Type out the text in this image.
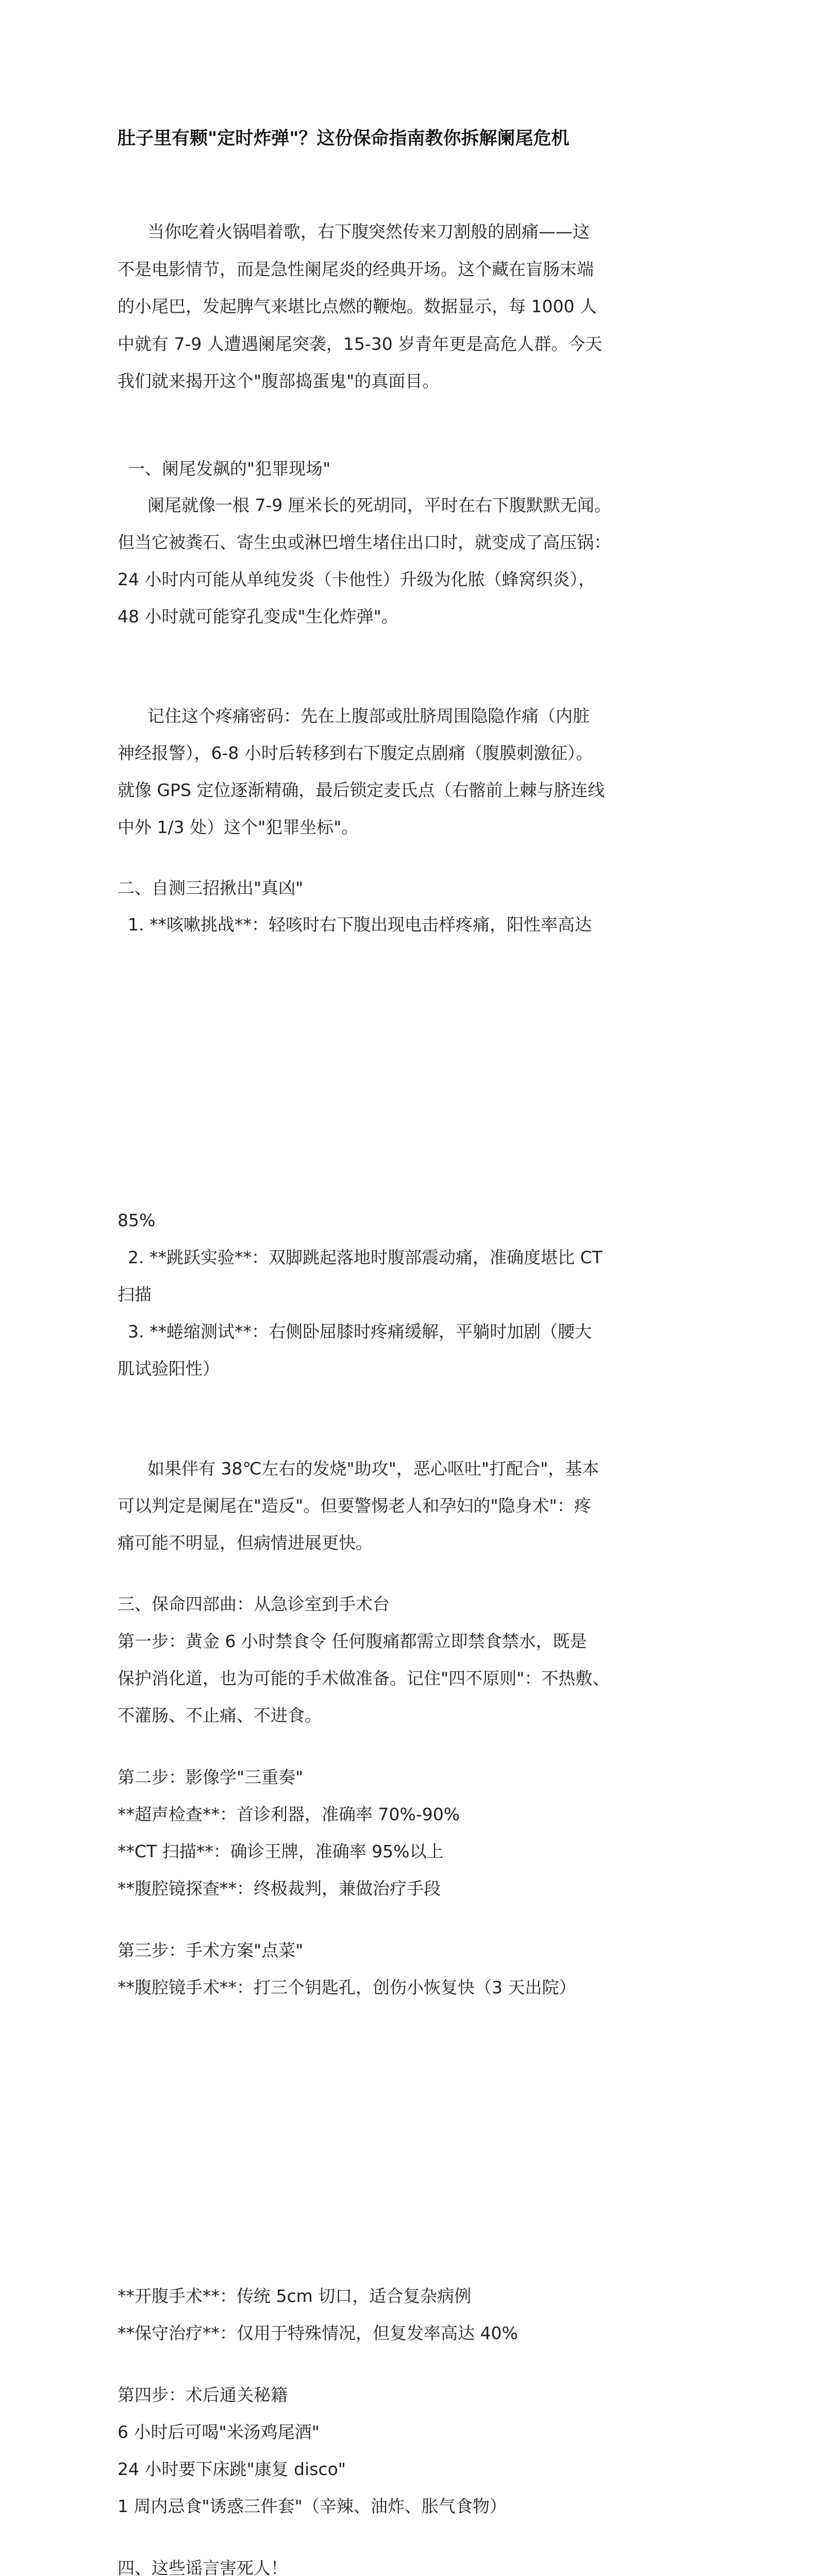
肚子里有颗"定时炸弹"？这份保命指南教你拆解阑尾危机

当你吃着火锅唱着歌，右下腹突然传来刀割般的剧痛——这

不是电影情节，而是急性阑尾炎的经典开场。这个藏在盲肠末端

的小尾巴，发起脾气来堪比点燃的鞭炮。数据显示，每 1000 人

中就有 7-9 人遭遇阑尾突袭，15-30 岁青年更是高危人群。今天

我们就来揭开这个"腹部捣蛋鬼"的真面目。

一、阑尾发飙的"犯罪现场"

阑尾就像一根 7-9 厘米长的死胡同，平时在右下腹默默无闻。

但当它被粪石、寄生虫或淋巴增生堵住出口时，就变成了高压锅：

24 小时内可能从单纯发炎（卡他性）升级为化脓（蜂窝织炎），

48 小时就可能穿孔变成"生化炸弹"。

记住这个疼痛密码：先在上腹部或肚脐周围隐隐作痛（内脏

神经报警），6-8 小时后转移到右下腹定点剧痛（腹膜刺激征）。

就像 GPS 定位逐渐精确，最后锁定麦氏点（右髂前上棘与脐连线

中外 1/3 处）这个"犯罪坐标"。

二、自测三招揪出"真凶"

1. **咳嗽挑战**：轻咳时右下腹出现电击样疼痛，阳性率高达

85%

2. **跳跃实验**：双脚跳起落地时腹部震动痛，准确度堪比 CT

扫描

3. **蜷缩测试**：右侧卧屈膝时疼痛缓解，平躺时加剧（腰大

肌试验阳性）

如果伴有 38℃左右的发烧"助攻"，恶心呕吐"打配合"，基本

可以判定是阑尾在"造反"。但要警惕老人和孕妇的"隐身术"：疼

痛可能不明显，但病情进展更快。

三、保命四部曲：从急诊室到手术台

第一步：黄金 6 小时禁食令 任何腹痛都需立即禁食禁水，既是

保护消化道，也为可能的手术做准备。记住"四不原则"：不热敷、

不灌肠、不止痛、不进食。

第二步：影像学"三重奏"

**超声检查**：首诊利器，准确率 70%-90%

**CT 扫描**：确诊王牌，准确率 95%以上

**腹腔镜探查**：终极裁判，兼做治疗手段

第三步：手术方案"点菜"

**腹腔镜手术**：打三个钥匙孔，创伤小恢复快（3 天出院）

**开腹手术**：传统 5cm 切口，适合复杂病例

**保守治疗**：仅用于特殊情况，但复发率高达 40%

第四步：术后通关秘籍

6 小时后可喝"米汤鸡尾酒"

24 小时要下床跳"康复 disco"

1 周内忌食"诱惑三件套"（辛辣、油炸、胀气食物）

四、这些谣言害死人！
